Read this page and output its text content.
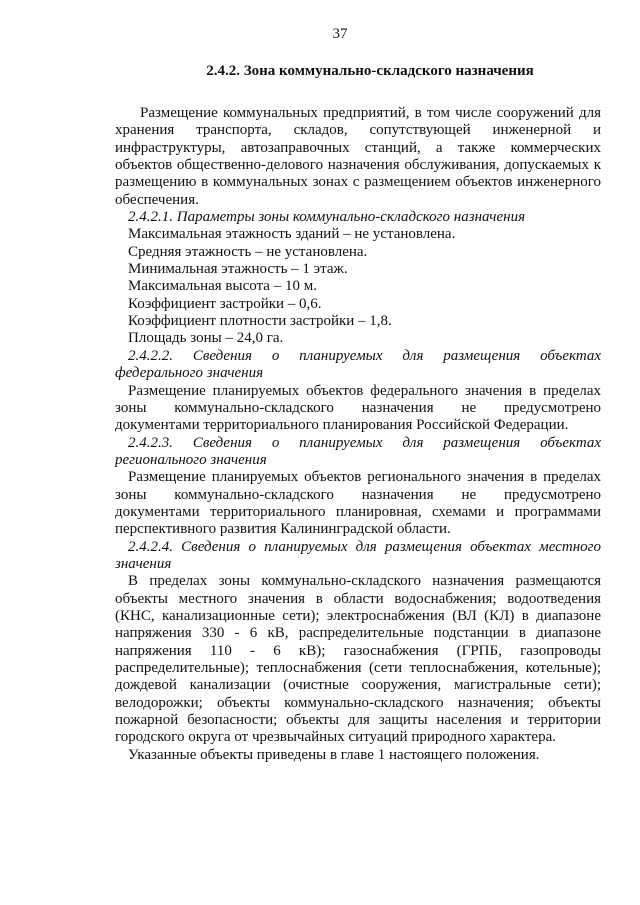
37
2.4.2. Зона коммунально-складского назначения
Размещение коммунальных предприятий, в том числе сооружений для
хранения транспорта, складов, сопутствующей инженерной и
инфраструктуры, автозаправочных станций, а также коммерческих
объектов общественно-делового назначения обслуживания, допускаемых к
размещению в коммунальных зонах с размещением объектов инженерного
обеспечения.
2.4.2.1. Параметры зоны коммунально-складского назначения
Максимальная этажность зданий – не установлена.
Средняя этажность – не установлена.
Минимальная этажность – 1 этаж.
Максимальная высота – 10 м.
Коэффициент застройки – 0,6.
Коэффициент плотности застройки – 1,8.
Площадь зоны – 24,0 га.
2.4.2.2. Сведения о планируемых для размещения объектах
федерального значения
Размещение планируемых объектов федерального значения в пределах
зоны коммунально-складского назначения не предусмотрено
документами территориального планирования Российской Федерации.
2.4.2.3. Сведения о планируемых для размещения объектах
регионального значения
Размещение планируемых объектов регионального значения в пределах
зоны коммунально-складского назначения не предусмотрено
документами территориального планировная, схемами и программами
перспективного развития Калининградской области.
2.4.2.4. Сведения о планируемых для размещения объектах местного
значения
В пределах зоны коммунально-складского назначения размещаются
объекты местного значения в области водоснабжения; водоотведения
(КНС, канализационные сети); электроснабжения (ВЛ (КЛ) в диапазоне
напряжения 330 - 6 кВ, распределительные подстанции в диапазоне
напряжения 110 - 6 кВ); газоснабжения (ГРПБ, газопроводы
распределительные); теплоснабжения (сети теплоснабжения, котельные);
дождевой канализации (очистные сооружения, магистральные сети);
велодорожки; объекты коммунально-складского назначения; объекты
пожарной безопасности; объекты для защиты населения и территории
городского округа от чрезвычайных ситуаций природного характера.
Указанные объекты приведены в главе 1 настоящего положения.
